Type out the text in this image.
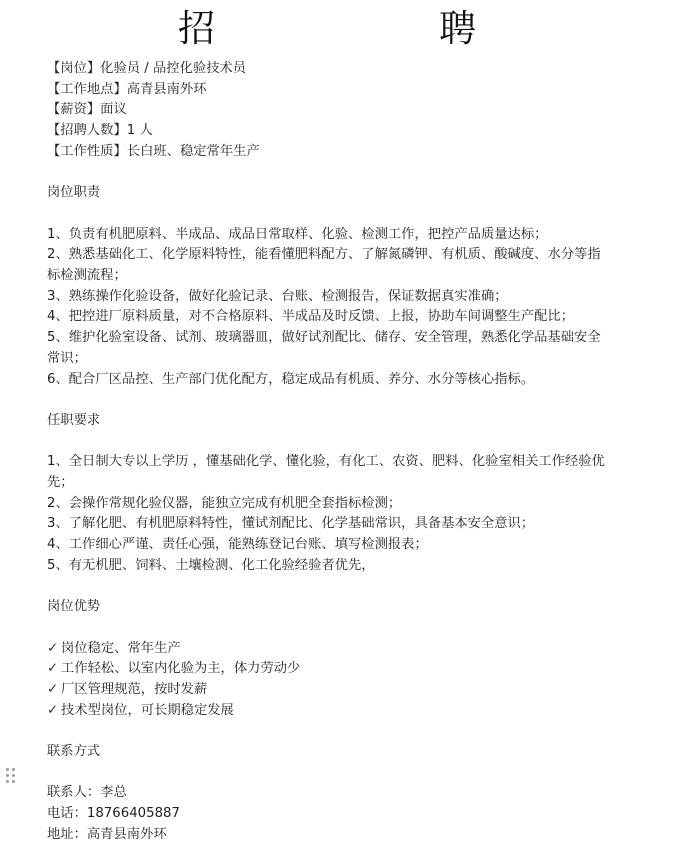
招　　聘
【岗位】化验员 / 品控化验技术员
【工作地点】高青县南外环
【薪资】面议
【招聘人数】1 人
【工作性质】长白班、稳定常年生产
岗位职责
1、负责有机肥原料、半成品、成品日常取样、化验、检测工作，把控产品质量达标；
2、熟悉基础化工、化学原料特性，能看懂肥料配方、了解氮磷钾、有机质、酸碱度、水分等指标检测流程；
3、熟练操作化验设备，做好化验记录、台账、检测报告，保证数据真实准确；
4、把控进厂原料质量，对不合格原料、半成品及时反馈、上报，协助车间调整生产配比；
5、维护化验室设备、试剂、玻璃器皿，做好试剂配比、储存、安全管理，熟悉化学品基础安全常识；
6、配合厂区品控、生产部门优化配方，稳定成品有机质、养分、水分等核心指标。
任职要求
1、全日制大专以上学历 ，懂基础化学、懂化验，有化工、农资、肥料、化验室相关工作经验优先；
2、会操作常规化验仪器，能独立完成有机肥全套指标检测；
3、了解化肥、有机肥原料特性，懂试剂配比、化学基础常识，具备基本安全意识；
4、工作细心严谨、责任心强，能熟练登记台账、填写检测报表；
5、有无机肥、饲料、土壤检测、化工化验经验者优先，
岗位优势
✓ 岗位稳定、常年生产
✓ 工作轻松、以室内化验为主，体力劳动少
✓ 厂区管理规范，按时发薪
✓ 技术型岗位，可长期稳定发展
联系方式
联系人：李总
电话：18766405887
地址：高青县南外环
